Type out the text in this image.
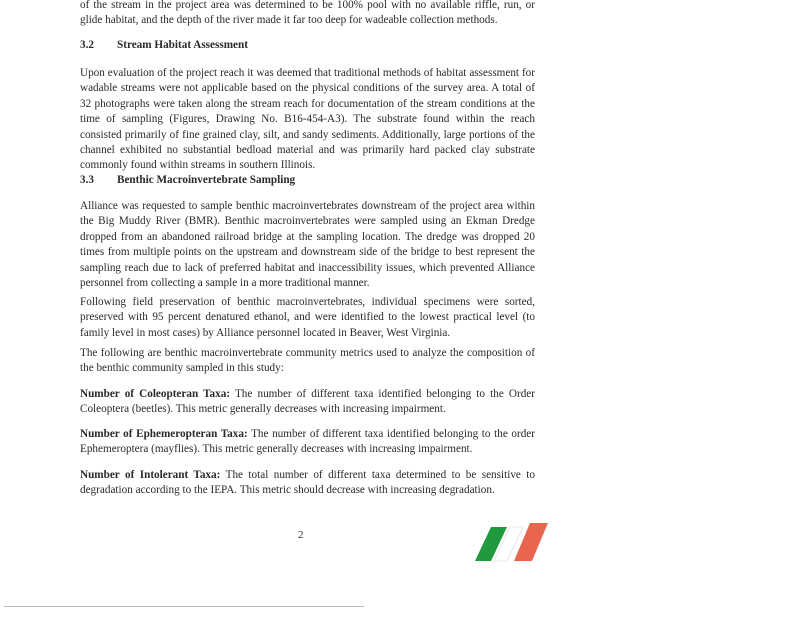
of the stream in the project area was determined to be 100% pool with no available riffle, run, or glide habitat, and the depth of the river made it far too deep for wadeable collection methods.

3.2 Stream Habitat Assessment

Upon evaluation of the project reach it was deemed that traditional methods of habitat assessment for wadable streams were not applicable based on the physical conditions of the survey area. A total of 32 photographs were taken along the stream reach for documentation of the stream conditions at the time of sampling (Figures, Drawing No. B16-454-A3). The substrate found within the reach consisted primarily of fine grained clay, silt, and sandy sediments. Additionally, large portions of the channel exhibited no substantial bedload material and was primarily hard packed clay substrate commonly found within streams in southern Illinois.

3.3 Benthic Macroinvertebrate Sampling

Alliance was requested to sample benthic macroinvertebrates downstream of the project area within the Big Muddy River (BMR). Benthic macroinvertebrates were sampled using an Ekman Dredge dropped from an abandoned railroad bridge at the sampling location. The dredge was dropped 20 times from multiple points on the upstream and downstream side of the bridge to best represent the sampling reach due to lack of preferred habitat and inaccessibility issues, which prevented Alliance personnel from collecting a sample in a more traditional manner.

Following field preservation of benthic macroinvertebrates, individual specimens were sorted, preserved with 95 percent denatured ethanol, and were identified to the lowest practical level (to family level in most cases) by Alliance personnel located in Beaver, West Virginia.

The following are benthic macroinvertebrate community metrics used to analyze the composition of the benthic community sampled in this study:

Number of Coleopteran Taxa: The number of different taxa identified belonging to the Order Coleoptera (beetles). This metric generally decreases with increasing impairment.

Number of Ephemeropteran Taxa: The number of different taxa identified belonging to the order Ephemeroptera (mayflies). This metric generally decreases with increasing impairment.

Number of Intolerant Taxa: The total number of different taxa determined to be sensitive to degradation according to the IEPA. This metric should decrease with increasing degradation.

2
